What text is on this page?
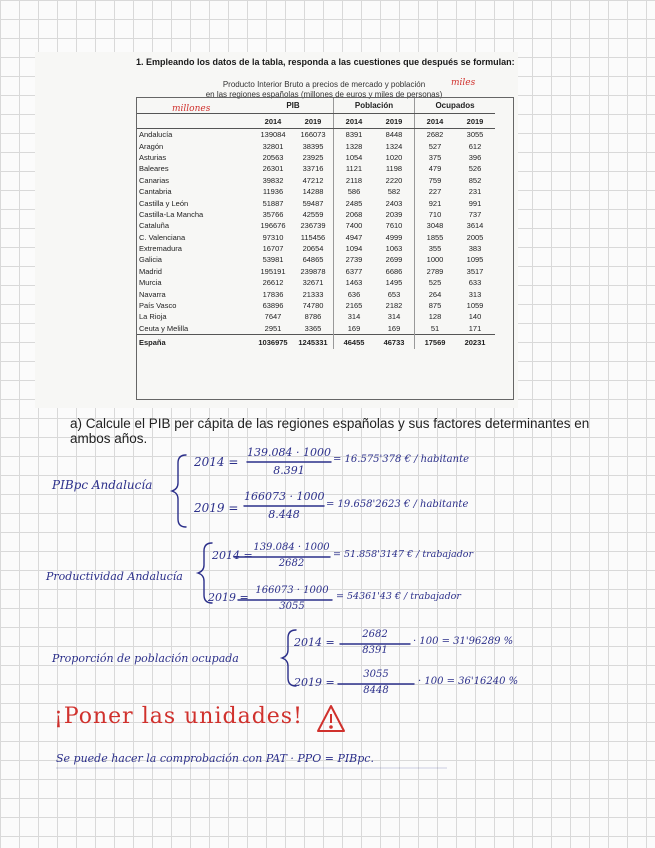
1. Empleando los datos de la tabla, responda a las cuestiones que después se formulan:
Producto Interior Bruto a precios de mercado y población
en las regiones españolas (millones de euros y miles de personas)
millones
miles
	PIB		Población		Ocupados	
	2014	2019	2014	2019	2014	2019
Andalucía	139084	166073	8391	8448	2682	3055
Aragón	32801	38395	1328	1324	527	612
Asturias	20563	23925	1054	1020	375	396
Baleares	26301	33716	1121	1198	479	526
Canarias	39832	47212	2118	2220	759	852
Cantabria	11936	14288	586	582	227	231
Castilla y León	51887	59487	2485	2403	921	991
Castilla-La Mancha	35766	42559	2068	2039	710	737
Cataluña	196676	236739	7400	7610	3048	3614
C. Valenciana	97310	115456	4947	4999	1855	2005
Extremadura	16707	20654	1094	1063	355	383
Galicia	53981	64865	2739	2699	1000	1095
Madrid	195191	239878	6377	6686	2789	3517
Murcia	26612	32671	1463	1495	525	633
Navarra	17836	21333	636	653	264	313
País Vasco	63896	74780	2165	2182	875	1059
La Rioja	7647	8786	314	314	128	140
Ceuta y Melilla	2951	3365	169	169	51	171
España	1036975	1245331	46455	46733	17569	20231
a) Calcule el PIB per cápita de las regiones españolas y sus factores determinantes en ambos años.
PIBpc Andalucía
2014 =
139.084 · 1000
8.391
= 16.575'378 € / habitante
2019 =
166073 · 1000
8.448
= 19.658'2623 € / habitante
Productividad Andalucía
2014 =
139.084 · 1000
2682
= 51.858'3147 € / trabajador
2019 =
166073 · 1000
3055
= 54361'43 € / trabajador
Proporción de población ocupada
2014 =
2682
8391
· 100 = 31'96289 %
2019 =
3055
8448
· 100 = 36'16240 %
¡Poner las unidades!
Se puede hacer la comprobación con PAT · PPO = PIBpc.
